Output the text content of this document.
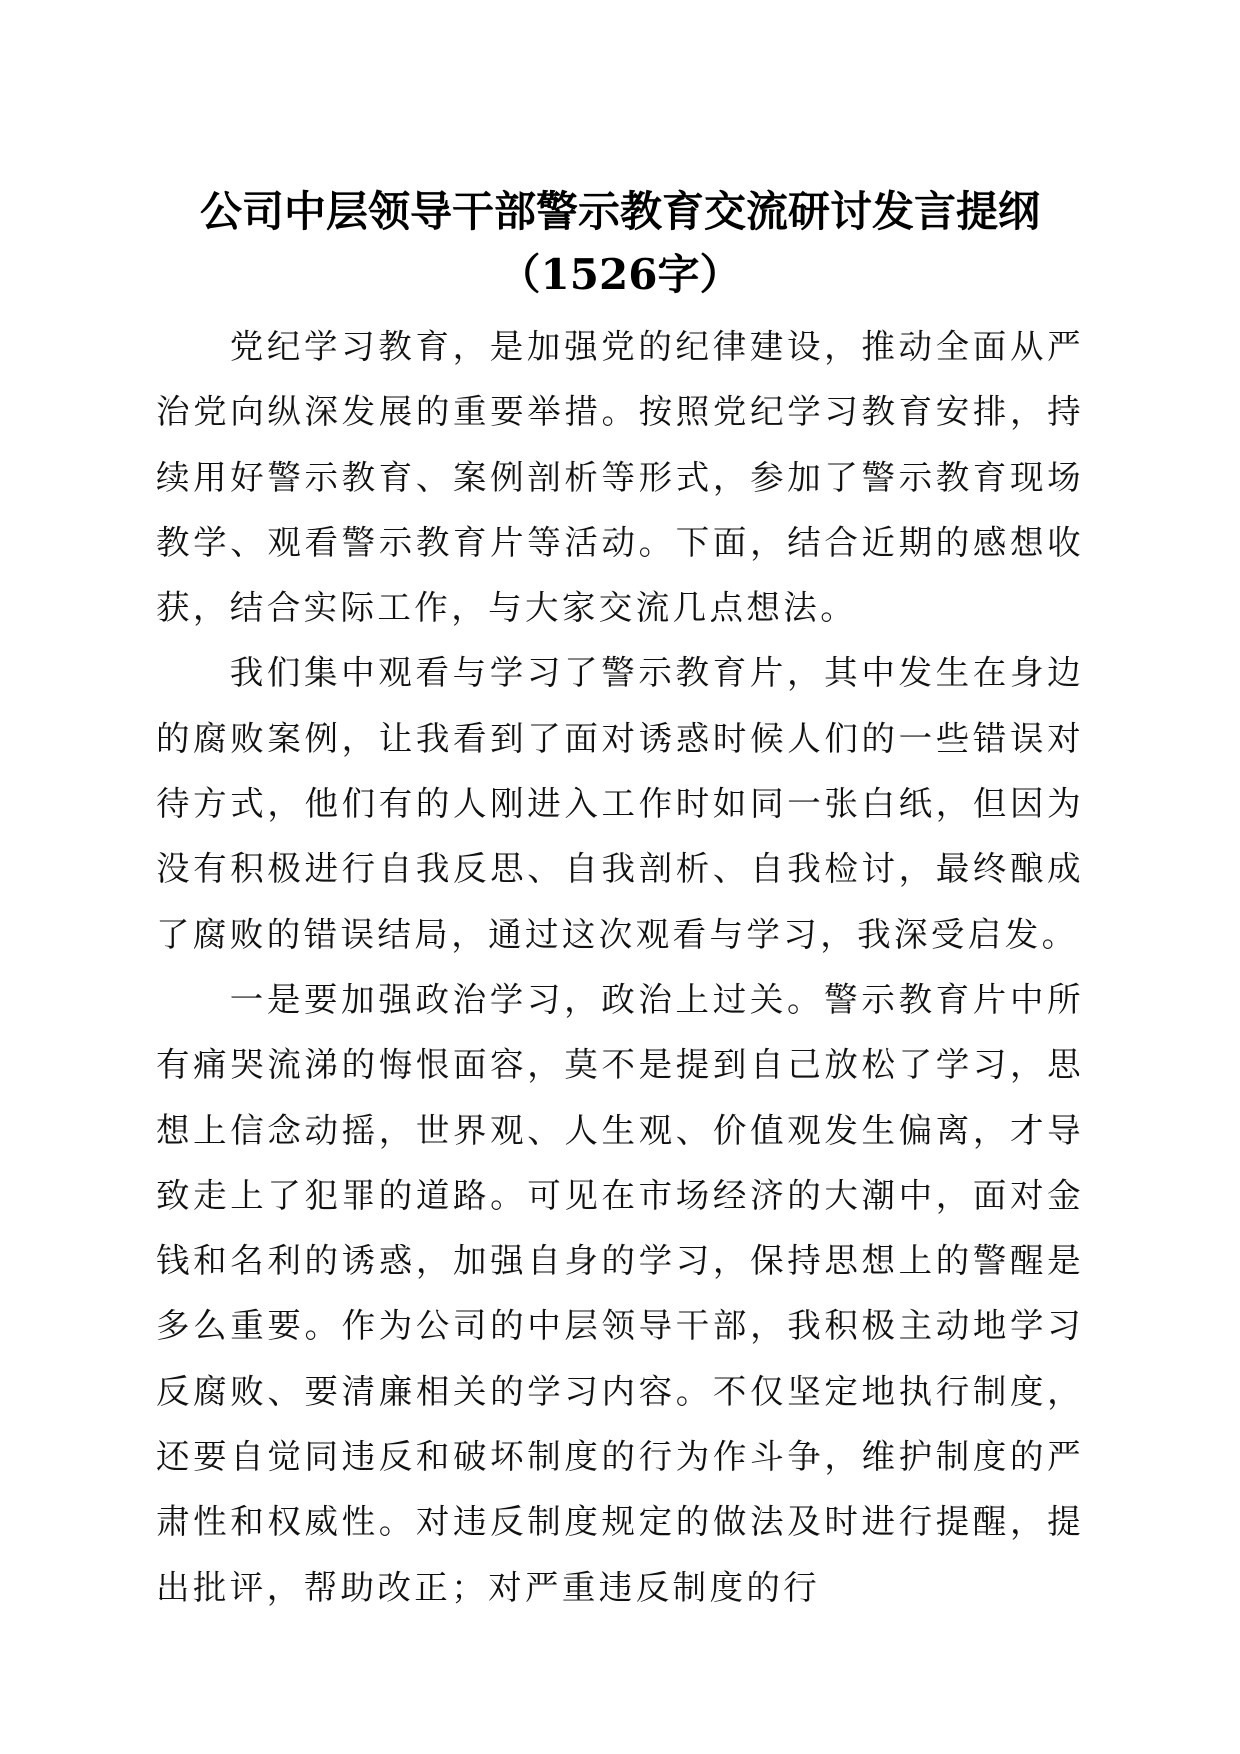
公司中层领导干部警示教育交流研讨发言提纲
（1526字）

党纪学习教育，是加强党的纪律建设，推动全面从严治党向纵深发展的重要举措。按照党纪学习教育安排，持续用好警示教育、案例剖析等形式，参加了警示教育现场教学、观看警示教育片等活动。下面，结合近期的感想收获，结合实际工作，与大家交流几点想法。

我们集中观看与学习了警示教育片，其中发生在身边的腐败案例，让我看到了面对诱惑时候人们的一些错误对待方式，他们有的人刚进入工作时如同一张白纸，但因为没有积极进行自我反思、自我剖析、自我检讨，最终酿成了腐败的错误结局，通过这次观看与学习，我深受启发。

一是要加强政治学习，政治上过关。警示教育片中所有痛哭流涕的悔恨面容，莫不是提到自己放松了学习，思想上信念动摇，世界观、人生观、价值观发生偏离，才导致走上了犯罪的道路。可见在市场经济的大潮中，面对金钱和名利的诱惑，加强自身的学习，保持思想上的警醒是多么重要。作为公司的中层领导干部，我积极主动地学习反腐败、要清廉相关的学习内容。不仅坚定地执行制度，还要自觉同违反和破坏制度的行为作斗争，维护制度的严肃性和权威性。对违反制度规定的做法及时进行提醒，提出批评，帮助改正；对严重违反制度的行
